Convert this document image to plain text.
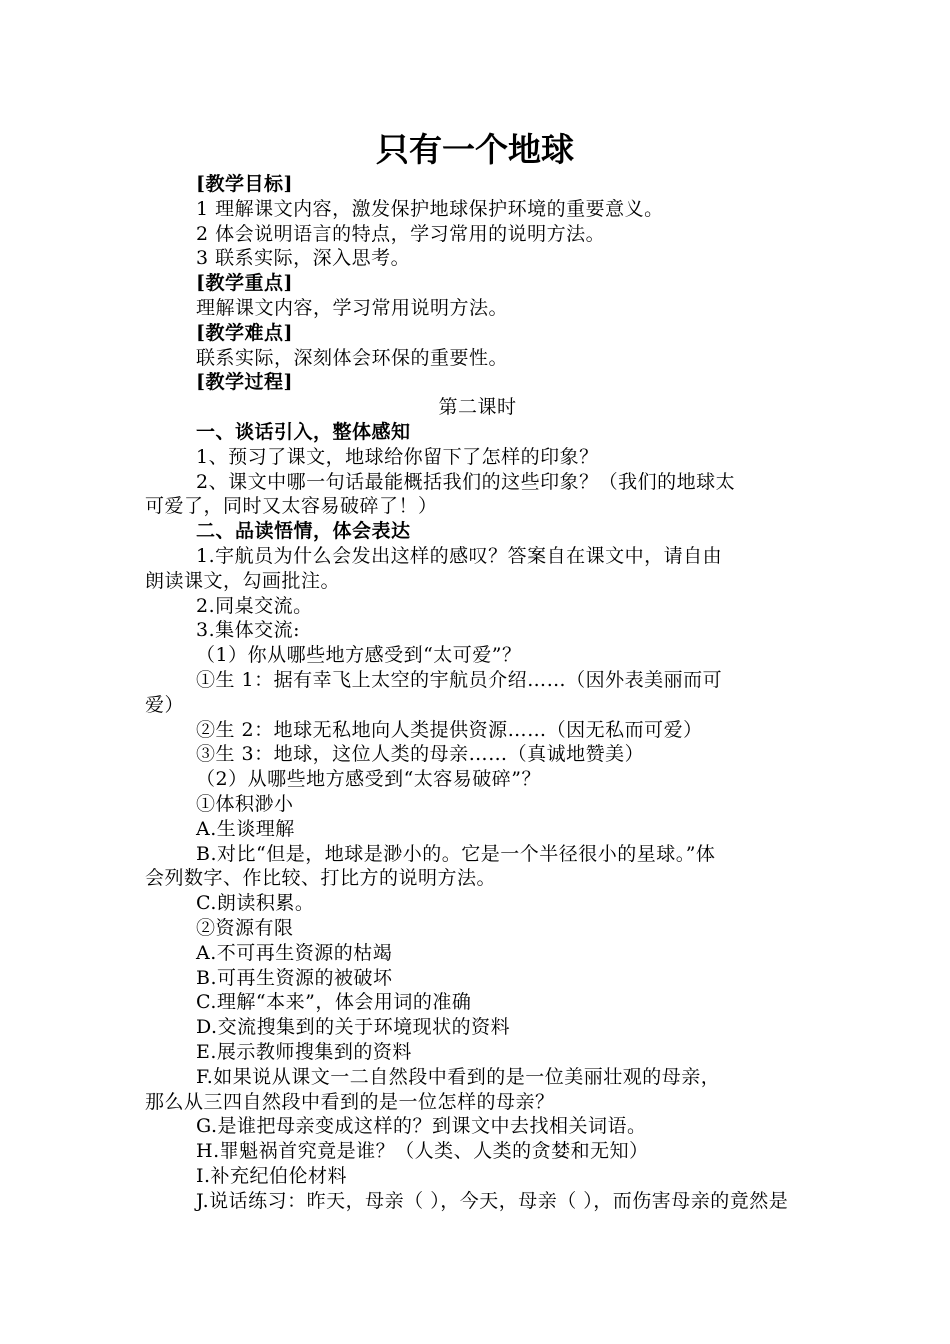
只有一个地球
[教学目标]
1 理解课文内容，激发保护地球保护环境的重要意义。
2 体会说明语言的特点，学习常用的说明方法。
3 联系实际，深入思考。
[教学重点]
理解课文内容，学习常用说明方法。
[教学难点]
联系实际，深刻体会环保的重要性。
[教学过程]
第二课时
一、谈话引入，整体感知
1、预习了课文，地球给你留下了怎样的印象？
2、课文中哪一句话最能概括我们的这些印象？（我们的地球太
可爱了，同时又太容易破碎了！）
二、品读悟情，体会表达
1.宇航员为什么会发出这样的感叹？答案自在课文中，请自由
朗读课文，勾画批注。
2.同桌交流。
3.集体交流:
（1）你从哪些地方感受到“太可爱”？
①生 1：据有幸飞上太空的宇航员介绍……（因外表美丽而可
爱）
②生 2：地球无私地向人类提供资源……（因无私而可爱）
③生 3：地球，这位人类的母亲……（真诚地赞美）
（2）从哪些地方感受到“太容易破碎”？
①体积渺小
A.生谈理解
B.对比“但是，地球是渺小的。它是一个半径很小的星球。”体
会列数字、作比较、打比方的说明方法。
C.朗读积累。
②资源有限
A.不可再生资源的枯竭
B.可再生资源的被破坏
C.理解“本来”，体会用词的准确
D.交流搜集到的关于环境现状的资料
E.展示教师搜集到的资料
F.如果说从课文一二自然段中看到的是一位美丽壮观的母亲，
那么从三四自然段中看到的是一位怎样的母亲？
G.是谁把母亲变成这样的？到课文中去找相关词语。
H.罪魁祸首究竟是谁？（人类、人类的贪婪和无知）
I.补充纪伯伦材料
J.说话练习：昨天，母亲（ ），今天，母亲（ ），而伤害母亲的竟然是
